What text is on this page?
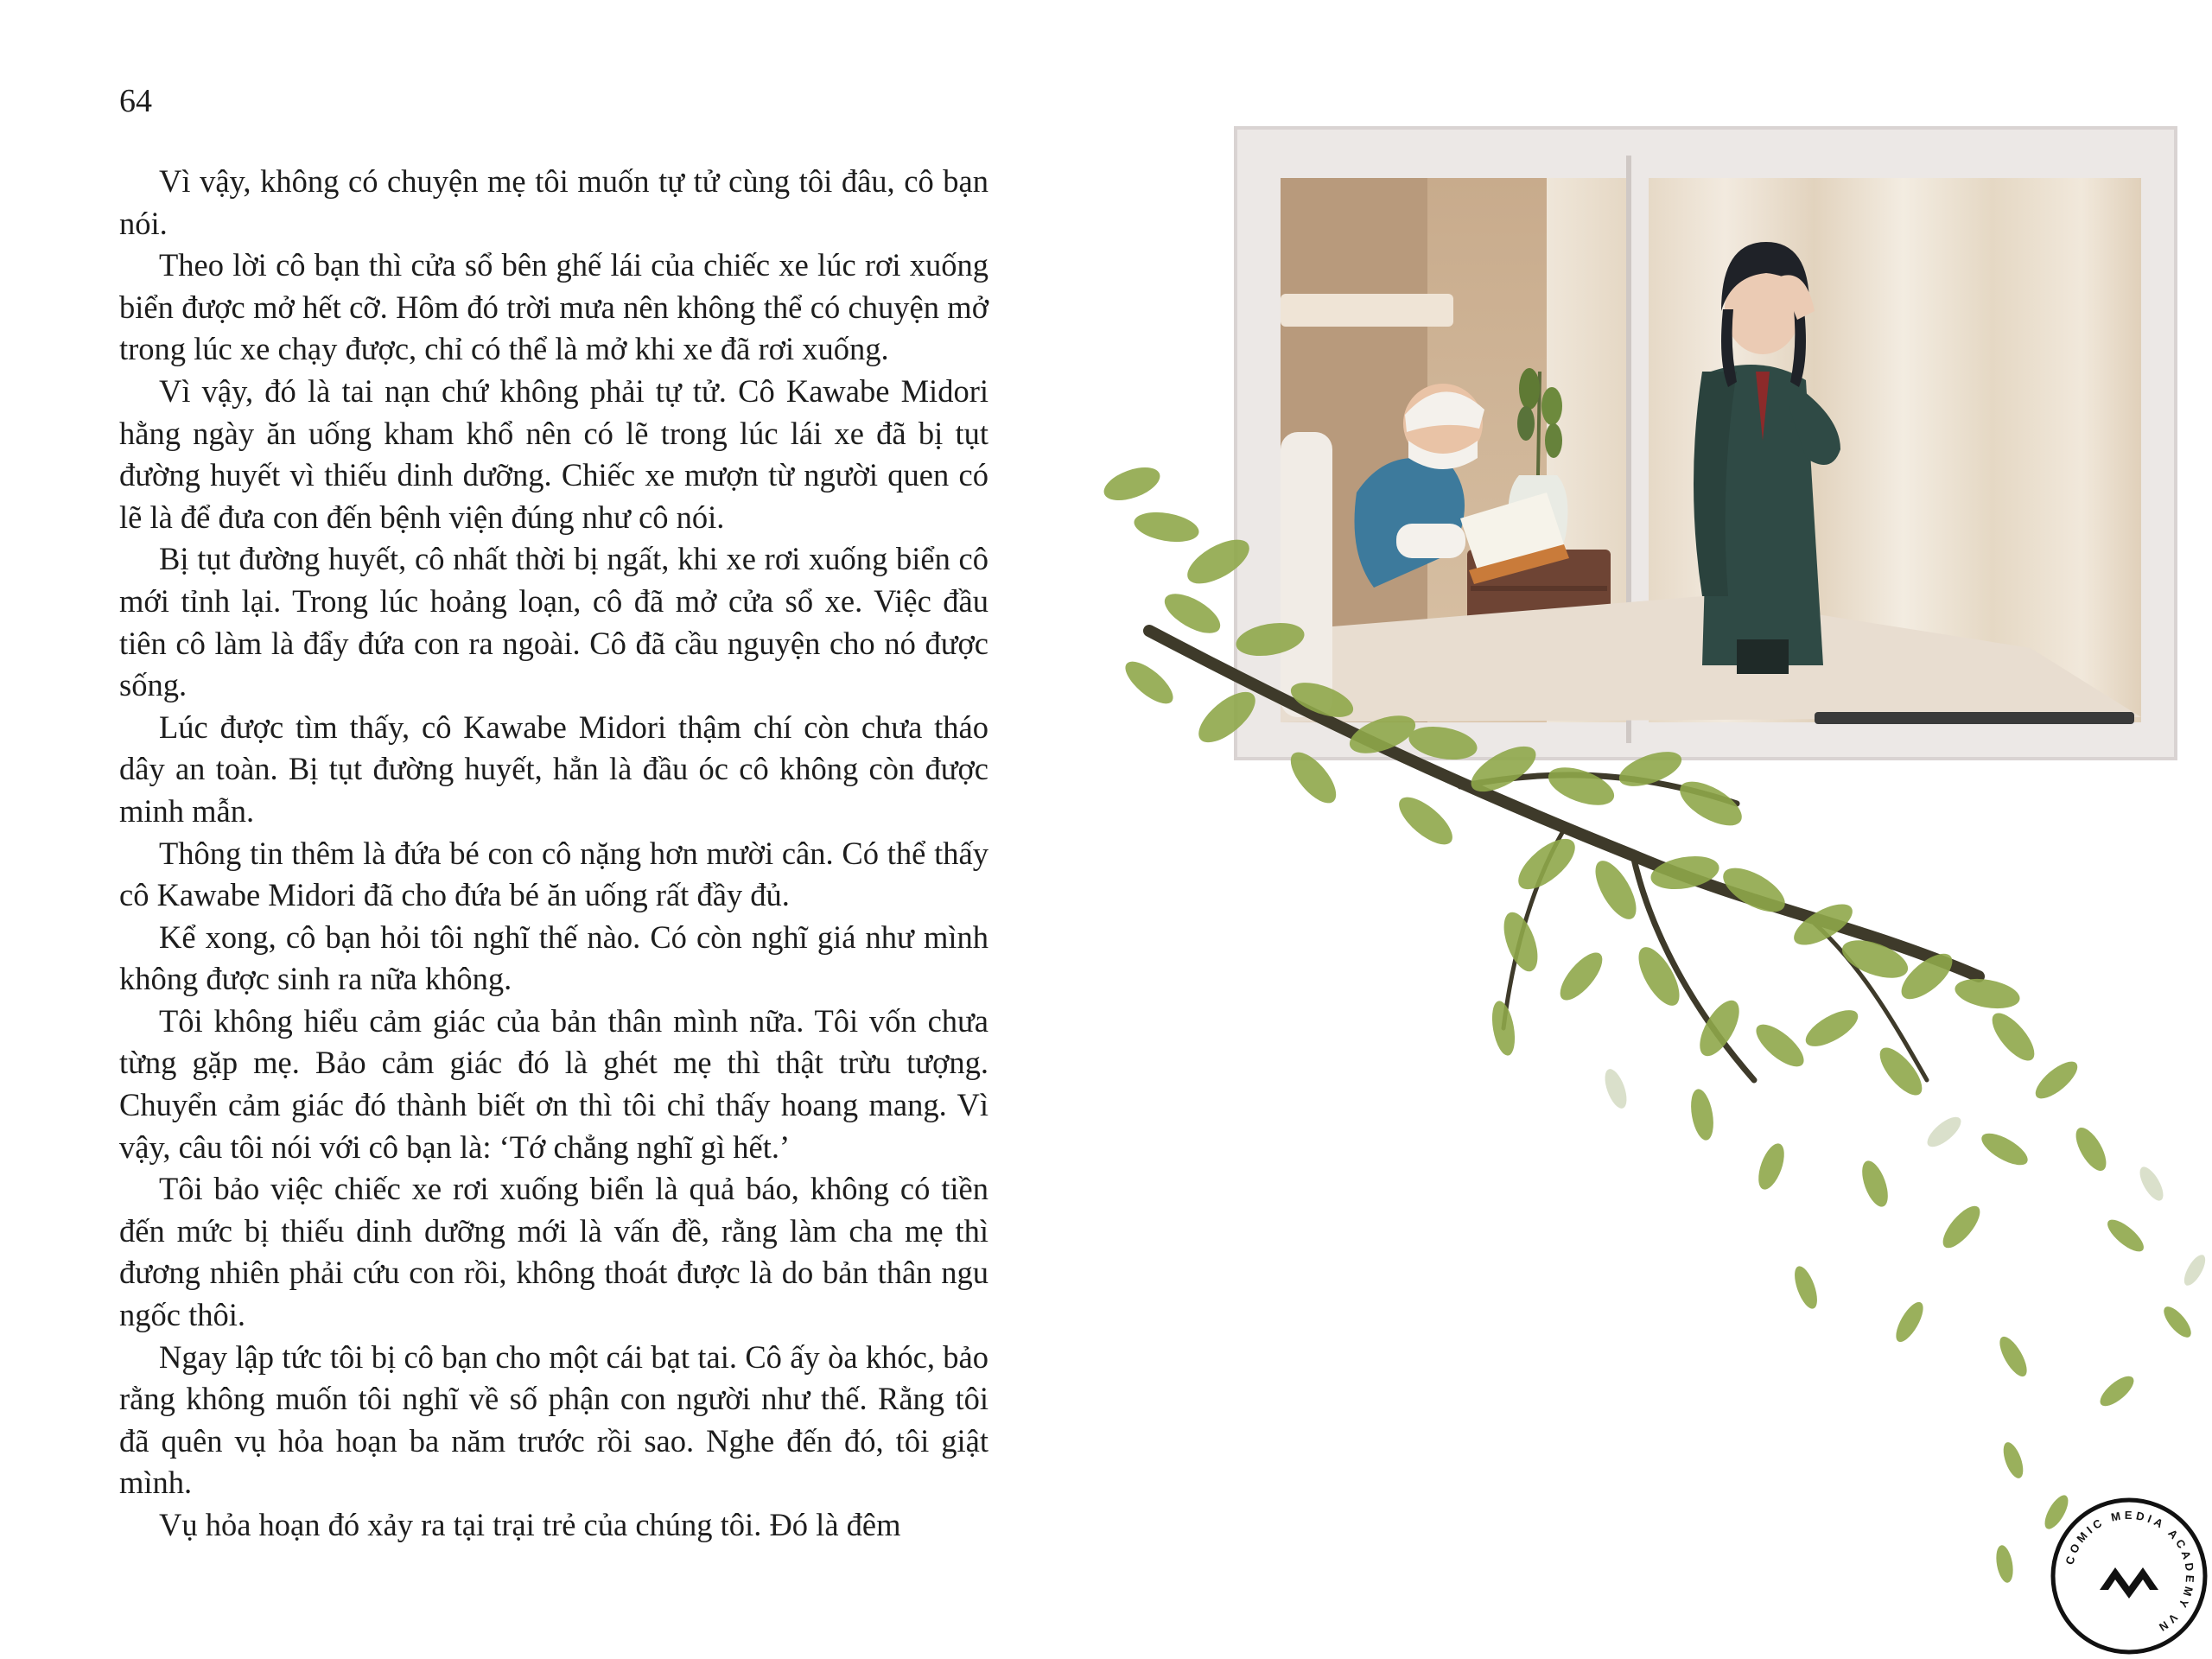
64

Vì vậy, không có chuyện mẹ tôi muốn tự tử cùng tôi đâu, cô bạn nói.

Theo lời cô bạn thì cửa sổ bên ghế lái của chiếc xe lúc rơi xuống biển được mở hết cỡ. Hôm đó trời mưa nên không thể có chuyện mở trong lúc xe chạy được, chỉ có thể là mở khi xe đã rơi xuống.

Vì vậy, đó là tai nạn chứ không phải tự tử. Cô Kawabe Midori hằng ngày ăn uống kham khổ nên có lẽ trong lúc lái xe đã bị tụt đường huyết vì thiếu dinh dưỡng. Chiếc xe mượn từ người quen có lẽ là để đưa con đến bệnh viện đúng như cô nói.

Bị tụt đường huyết, cô nhất thời bị ngất, khi xe rơi xuống biển cô mới tỉnh lại. Trong lúc hoảng loạn, cô đã mở cửa sổ xe. Việc đầu tiên cô làm là đẩy đứa con ra ngoài. Cô đã cầu nguyện cho nó được sống.

Lúc được tìm thấy, cô Kawabe Midori thậm chí còn chưa tháo dây an toàn. Bị tụt đường huyết, hẳn là đầu óc cô không còn được minh mẫn.

Thông tin thêm là đứa bé con cô nặng hơn mười cân. Có thể thấy cô Kawabe Midori đã cho đứa bé ăn uống rất đầy đủ.

Kể xong, cô bạn hỏi tôi nghĩ thế nào. Có còn nghĩ giá như mình không được sinh ra nữa không.

Tôi không hiểu cảm giác của bản thân mình nữa. Tôi vốn chưa từng gặp mẹ. Bảo cảm giác đó là ghét mẹ thì thật trừu tượng. Chuyển cảm giác đó thành biết ơn thì tôi chỉ thấy hoang mang. Vì vậy, câu tôi nói với cô bạn là: ‘Tớ chẳng nghĩ gì hết.’

Tôi bảo việc chiếc xe rơi xuống biển là quả báo, không có tiền đến mức bị thiếu dinh dưỡng mới là vấn đề, rằng làm cha mẹ thì đương nhiên phải cứu con rồi, không thoát được là do bản thân ngu ngốc thôi.

Ngay lập tức tôi bị cô bạn cho một cái bạt tai. Cô ấy òa khóc, bảo rằng không muốn tôi nghĩ về số phận con người như thế. Rằng tôi đã quên vụ hỏa hoạn ba năm trước rồi sao. Nghe đến đó, tôi giật mình.

Vụ hỏa hoạn đó xảy ra tại trại trẻ của chúng tôi. Đó là đêm

COMIC MEDIA ACADEMY VN
